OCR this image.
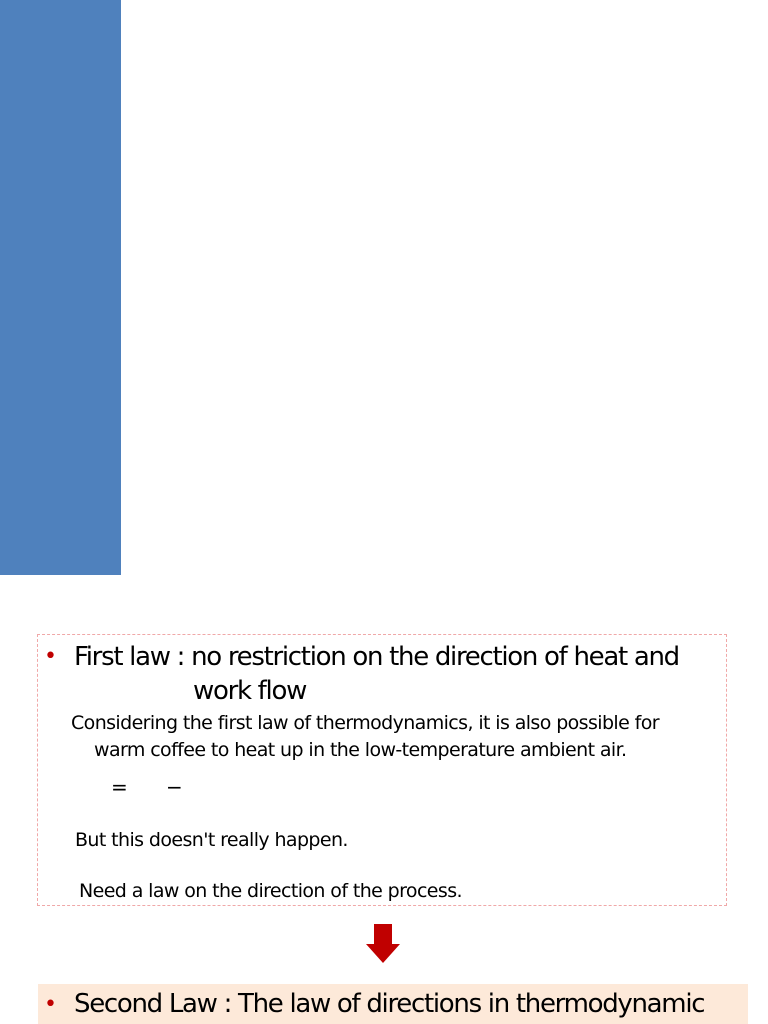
• First law : no restriction on the direction of heat and
work flow
Considering the first law of thermodynamics, it is also possible for
warm coffee to heat up in the low-temperature ambient air.
= −
But this doesn't really happen.
Need a law on the direction of the process.
• Second Law : The law of directions in thermodynamic
